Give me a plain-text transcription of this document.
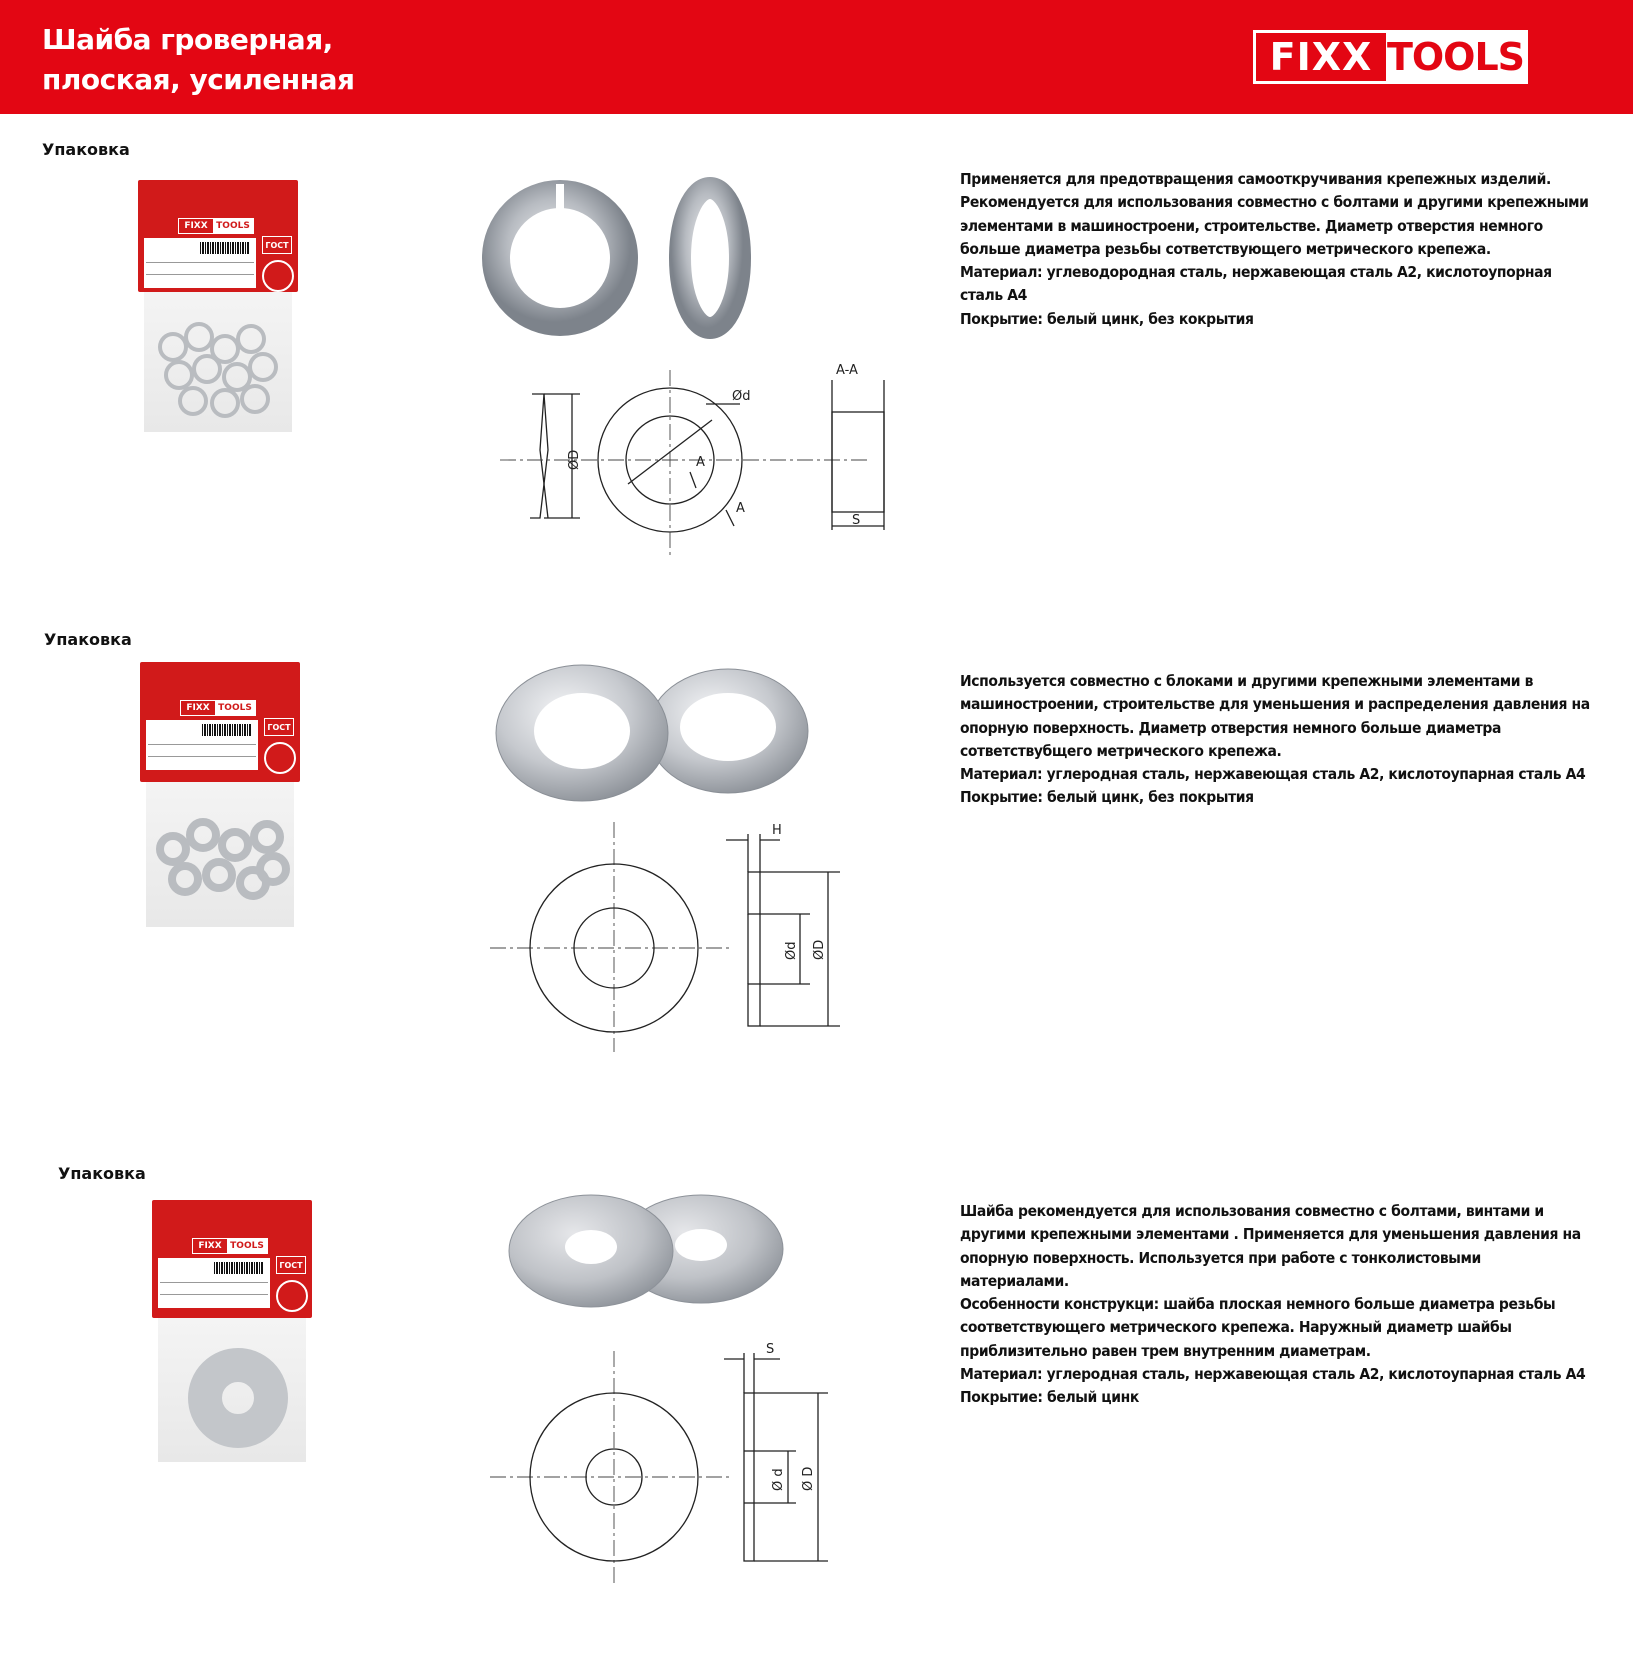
Шайба гроверная,
плоская, усиленная
FIXX TOOLS
Упаковка
FIXX TOOLS
ГОСТ
ØD
Ød
A
A
A-A
S

Применяется для предотвращения самооткручивания крепежных изделий.

Рекомендуется для использования совместно с болтами и другими крепежными элементами в машинострoени, строительстве. Диаметр отверстия немного больше диаметра резьбы сотвeтствующего метрического крепежа.

Материал: углеводородная сталь, нержавеющая сталь А2, кислотоупорная сталь А4

Покрытие: белый цинк, без кокрытия

Упаковка
FIXX TOOLS
ГОСТ
H
Ød ØD

Используется совместно с блоками и другими крепежными элементами в машиностроении, строительстве для уменьшения и распределения давления на опорную поверхность. Диаметр отверстия немного больше диаметра сотвeтствубщего метрического крепежа.

Материал: углеродная сталь, нержавеющая сталь А2, кислотоупарная сталь А4

Покрытие: белый цинк, без покрытия

Упаковка
FIXX TOOLS
ГОСТ
S
Ø d Ø D

Шайба рекомендуется для использования совместно с болтами, винтами и другими крепежными элементами . Применяется для уменьшения давления на опорную поверхность. Используется при работе с тонколистовыми материалами.

Особенности конструкци: шайба плоская немного больше диаметра резьбы соответствующего метрического крепежа. Наружный диаметр шайбы приблизительно равен трем внутренним диаметрам.

Материал: углеродная сталь, нержавеющая сталь А2, кислотоупарная сталь А4

Покрытие: белый цинк
